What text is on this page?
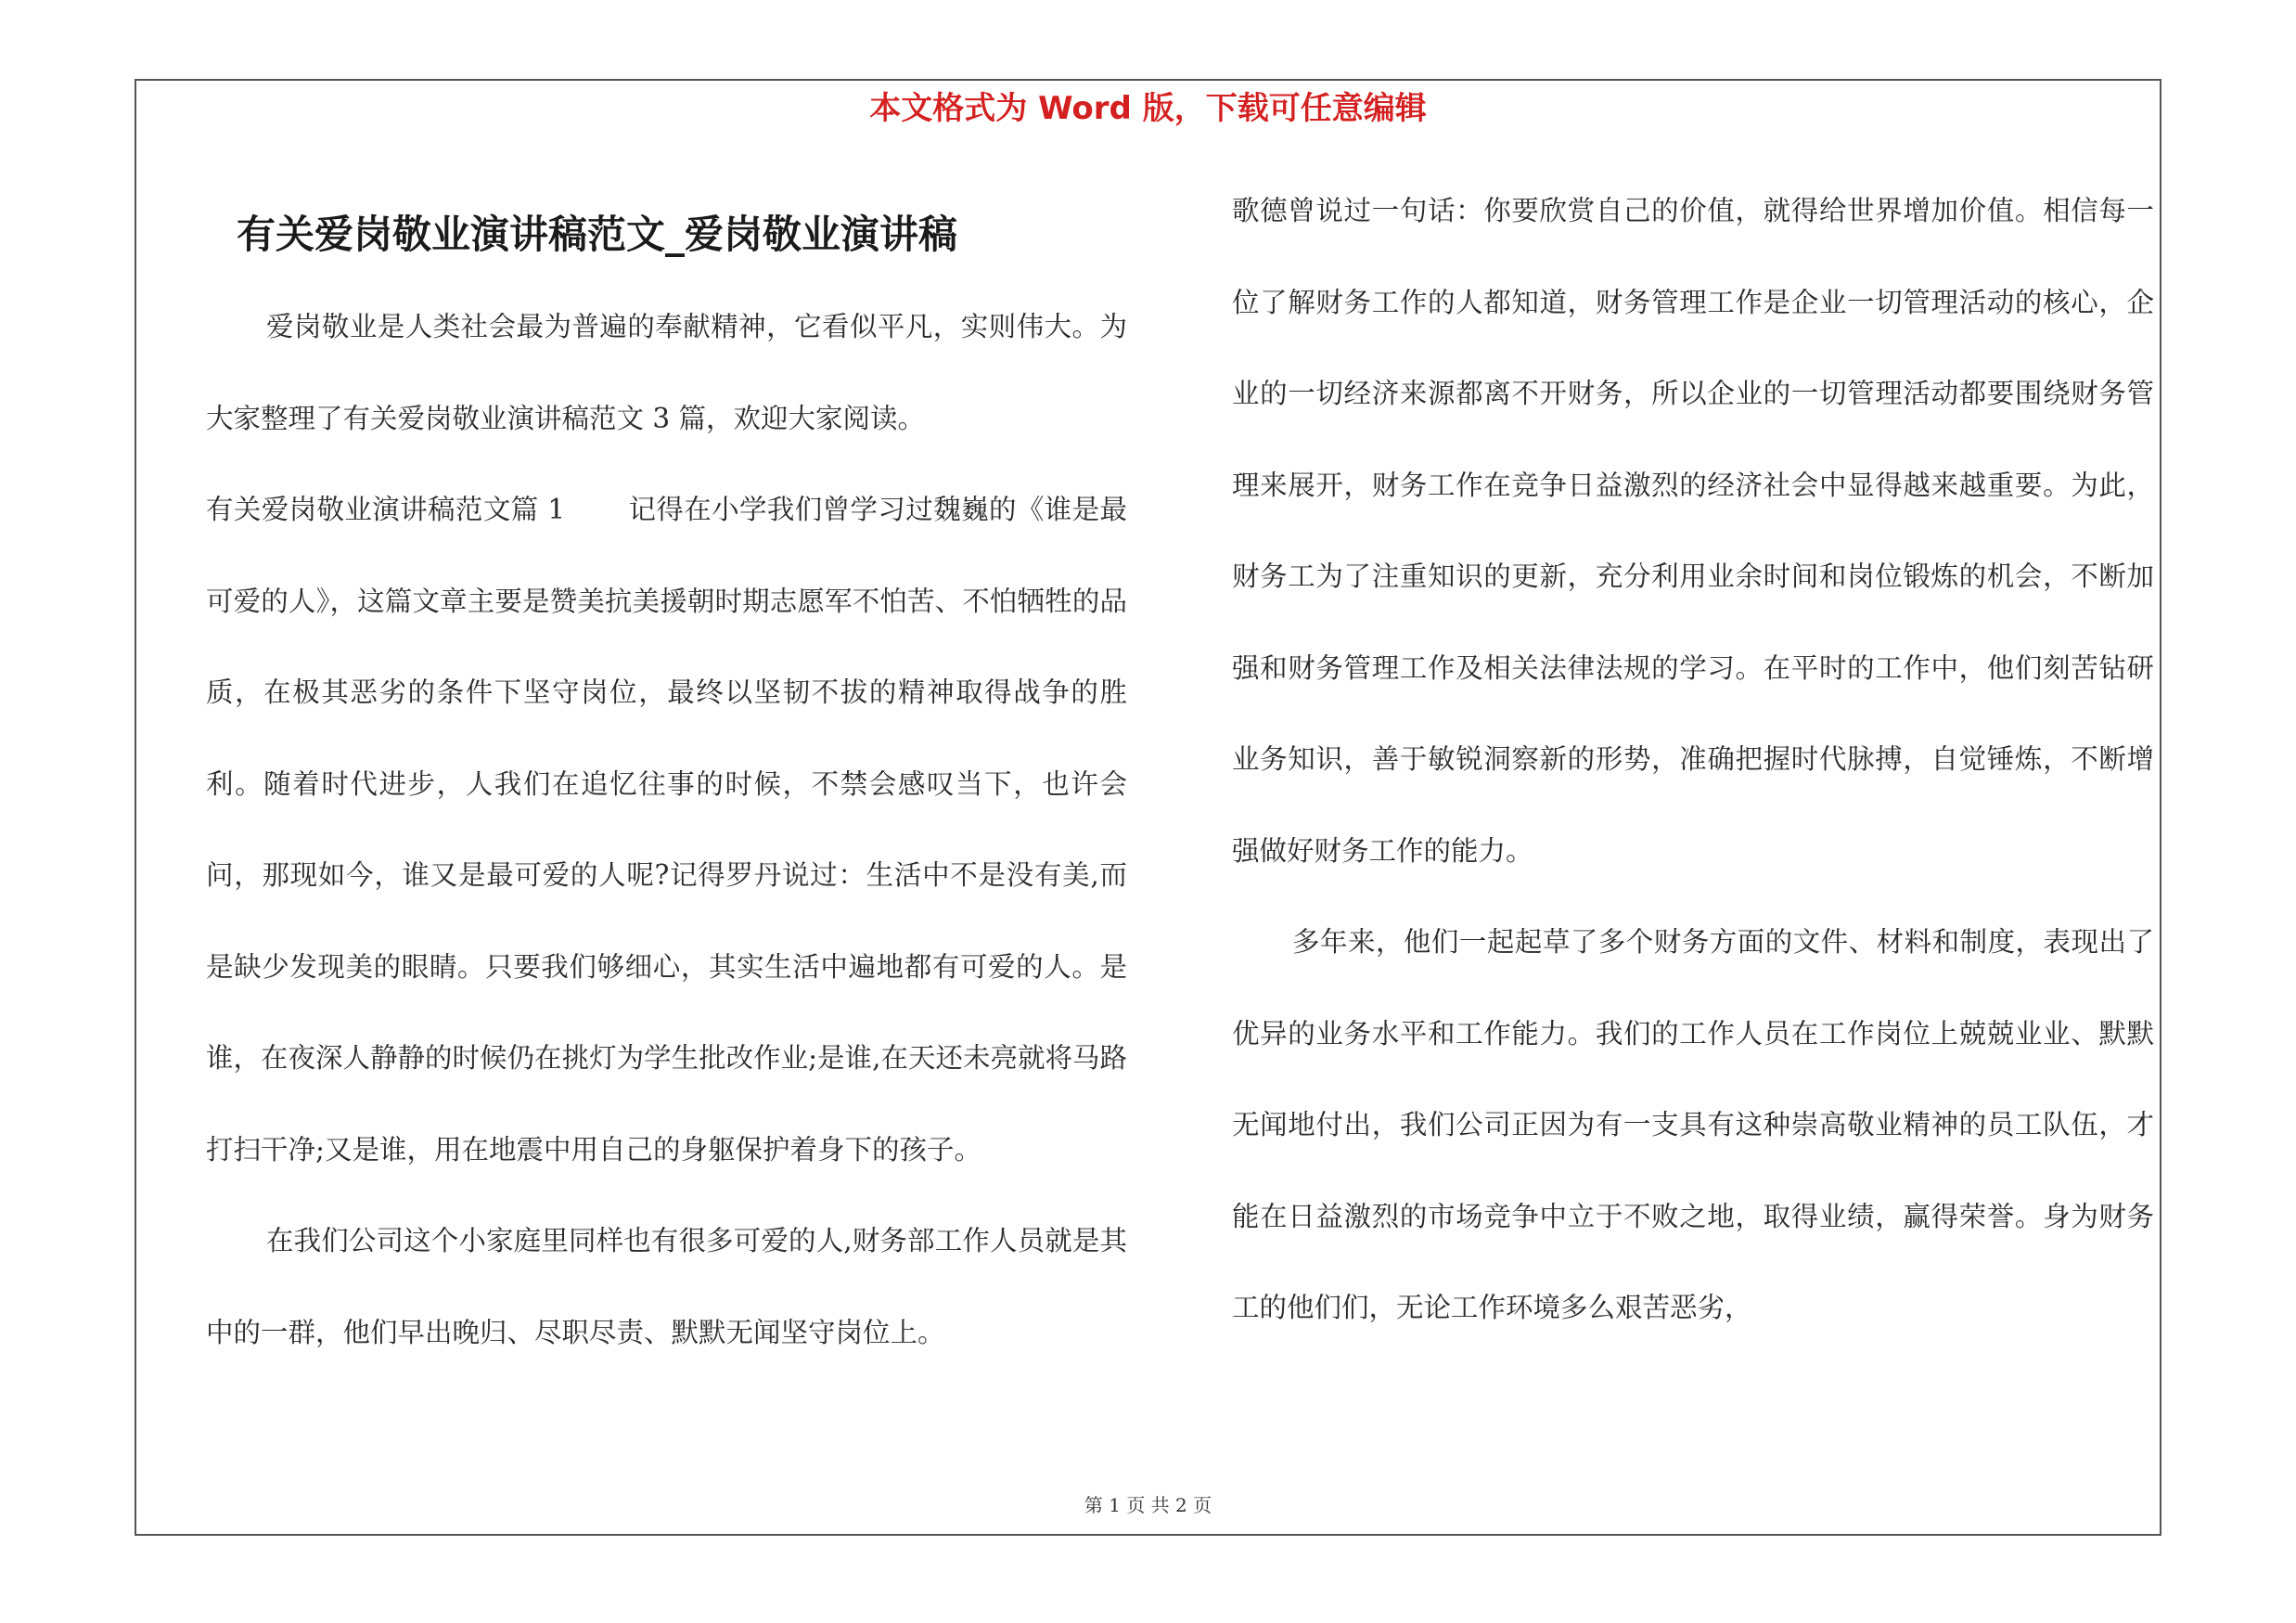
本文格式为 Word 版，下载可任意编辑
有关爱岗敬业演讲稿范文_爱岗敬业演讲稿

爱岗敬业是人类社会最为普遍的奉献精神，它看似平凡，实则伟大。为大家整理了有关爱岗敬业演讲稿范文 3 篇，欢迎大家阅读。

有关爱岗敬业演讲稿范文篇 1 记得在小学我们曾学习过魏巍的《谁是最可爱的人》，这篇文章主要是赞美抗美援朝时期志愿军不怕苦、不怕牺牲的品质，在极其恶劣的条件下坚守岗位，最终以坚韧不拔的精神取得战争的胜利。随着时代进步，人我们在追忆往事的时候，不禁会感叹当下，也许会问，那现如今，谁又是最可爱的人呢?记得罗丹说过：生活中不是没有美,而是缺少发现美的眼睛。只要我们够细心，其实生活中遍地都有可爱的人。是谁，在夜深人静静的时候仍在挑灯为学生批改作业;是谁,在天还未亮就将马路打扫干净;又是谁，用在地震中用自己的身躯保护着身下的孩子。

在我们公司这个小家庭里同样也有很多可爱的人,财务部工作人员就是其中的一群，他们早出晚归、尽职尽责、默默无闻坚守岗位上。

歌德曾说过一句话：你要欣赏自己的价值，就得给世界增加价值。相信每一位了解财务工作的人都知道，财务管理工作是企业一切管理活动的核心，企业的一切经济来源都离不开财务，所以企业的一切管理活动都要围绕财务管理来展开，财务工作在竞争日益激烈的经济社会中显得越来越重要。为此，财务工为了注重知识的更新，充分利用业余时间和岗位锻炼的机会，不断加强和财务管理工作及相关法律法规的学习。在平时的工作中，他们刻苦钻研业务知识，善于敏锐洞察新的形势，准确把握时代脉搏，自觉锤炼，不断增强做好财务工作的能力。

多年来，他们一起起草了多个财务方面的文件、材料和制度，表现出了优异的业务水平和工作能力。我们的工作人员在工作岗位上兢兢业业、默默无闻地付出，我们公司正因为有一支具有这种崇高敬业精神的员工队伍，才能在日益激烈的市场竞争中立于不败之地，取得业绩，赢得荣誉。身为财务工的他们们，无论工作环境多么艰苦恶劣，

第 1 页 共 2 页
